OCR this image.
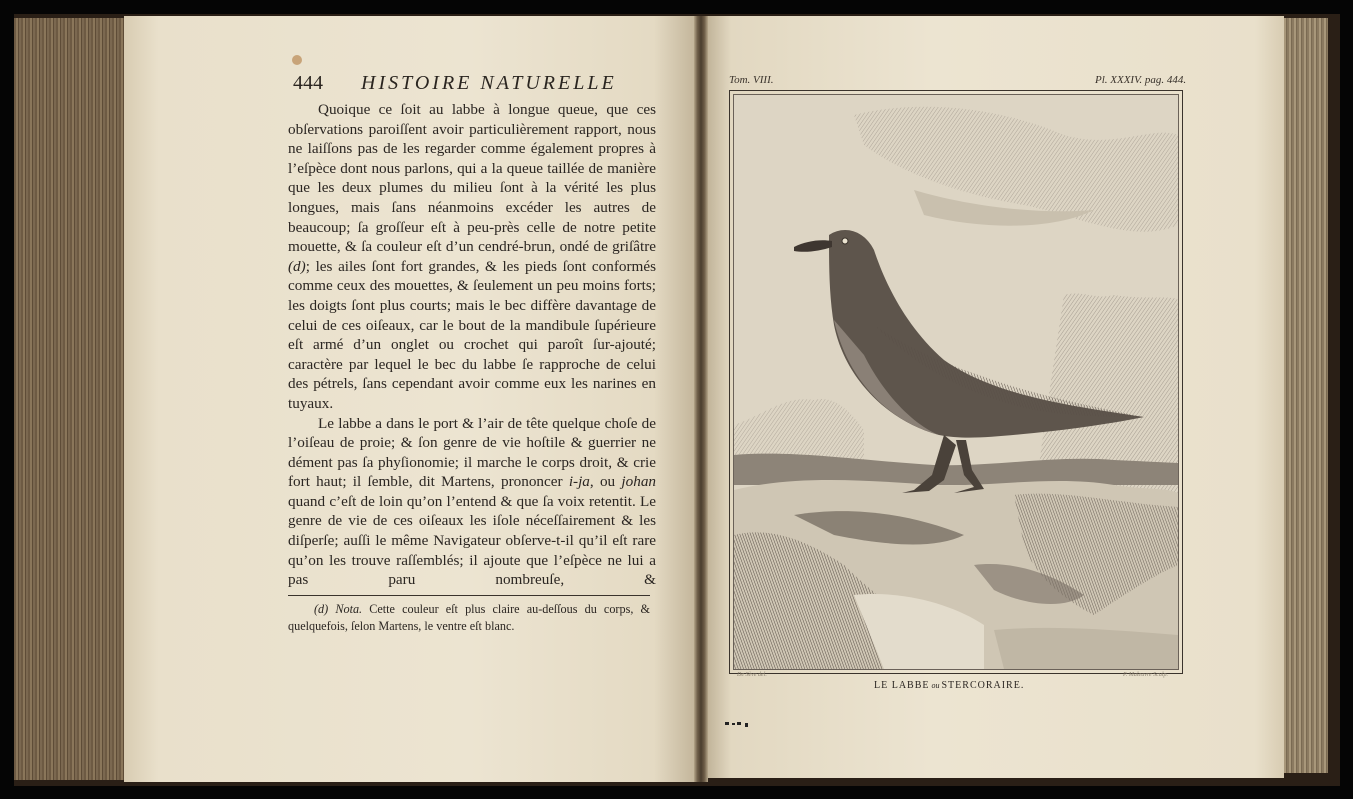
444 HISTOIRE NATURELLE

Quoique ce ſoit au labbe à longue queue, que ces obſervations paroiſſent avoir particulièrement rapport, nous ne laiſſons pas de les regarder comme également propres à l’eſpèce dont nous parlons, qui a la queue taillée de manière que les deux plumes du milieu ſont à la vérité les plus longues, mais ſans néanmoins excéder les autres de beaucoup; ſa groſſeur eſt à peu-près celle de notre petite mouette, & ſa couleur eſt d’un cendré-brun, ondé de griſâtre (d); les ailes ſont fort grandes, & les pieds ſont conformés comme ceux des mouettes, & ſeulement un peu moins forts; les doigts ſont plus courts; mais le bec diffère davantage de celui de ces oiſeaux, car le bout de la mandibule ſupérieure eſt armé d’un onglet ou crochet qui paroît ſur-ajouté; caractère par lequel le bec du labbe ſe rapproche de celui des pétrels, ſans cependant avoir comme eux les narines en tuyaux.

Le labbe a dans le port & l’air de tête quelque choſe de l’oiſeau de proie; & ſon genre de vie hoſtile & guerrier ne dément pas ſa phyſionomie; il marche le corps droit, & crie fort haut; il ſemble, dit Martens, prononcer i-ja, ou johan quand c’eſt de loin qu’on l’entend & que ſa voix retentit. Le genre de vie de ces oiſeaux les iſole néceſſairement & les diſperſe; auſſi le même Navigateur obſerve-t-il qu’il eſt rare qu’on les trouve raſſemblés; il ajoute que l’eſpèce ne lui a pas paru nombreuſe, &

(d) Nota. Cette couleur eſt plus claire au-deſſous du corps, & quelquefois, ſelon Martens, le ventre eſt blanc.

Tom. VIII.	Pl. XXXIV. pag. 444.
De Sève del.	P. Maleuvre Sculp.
LE LABBE ou STERCORAIRE.
